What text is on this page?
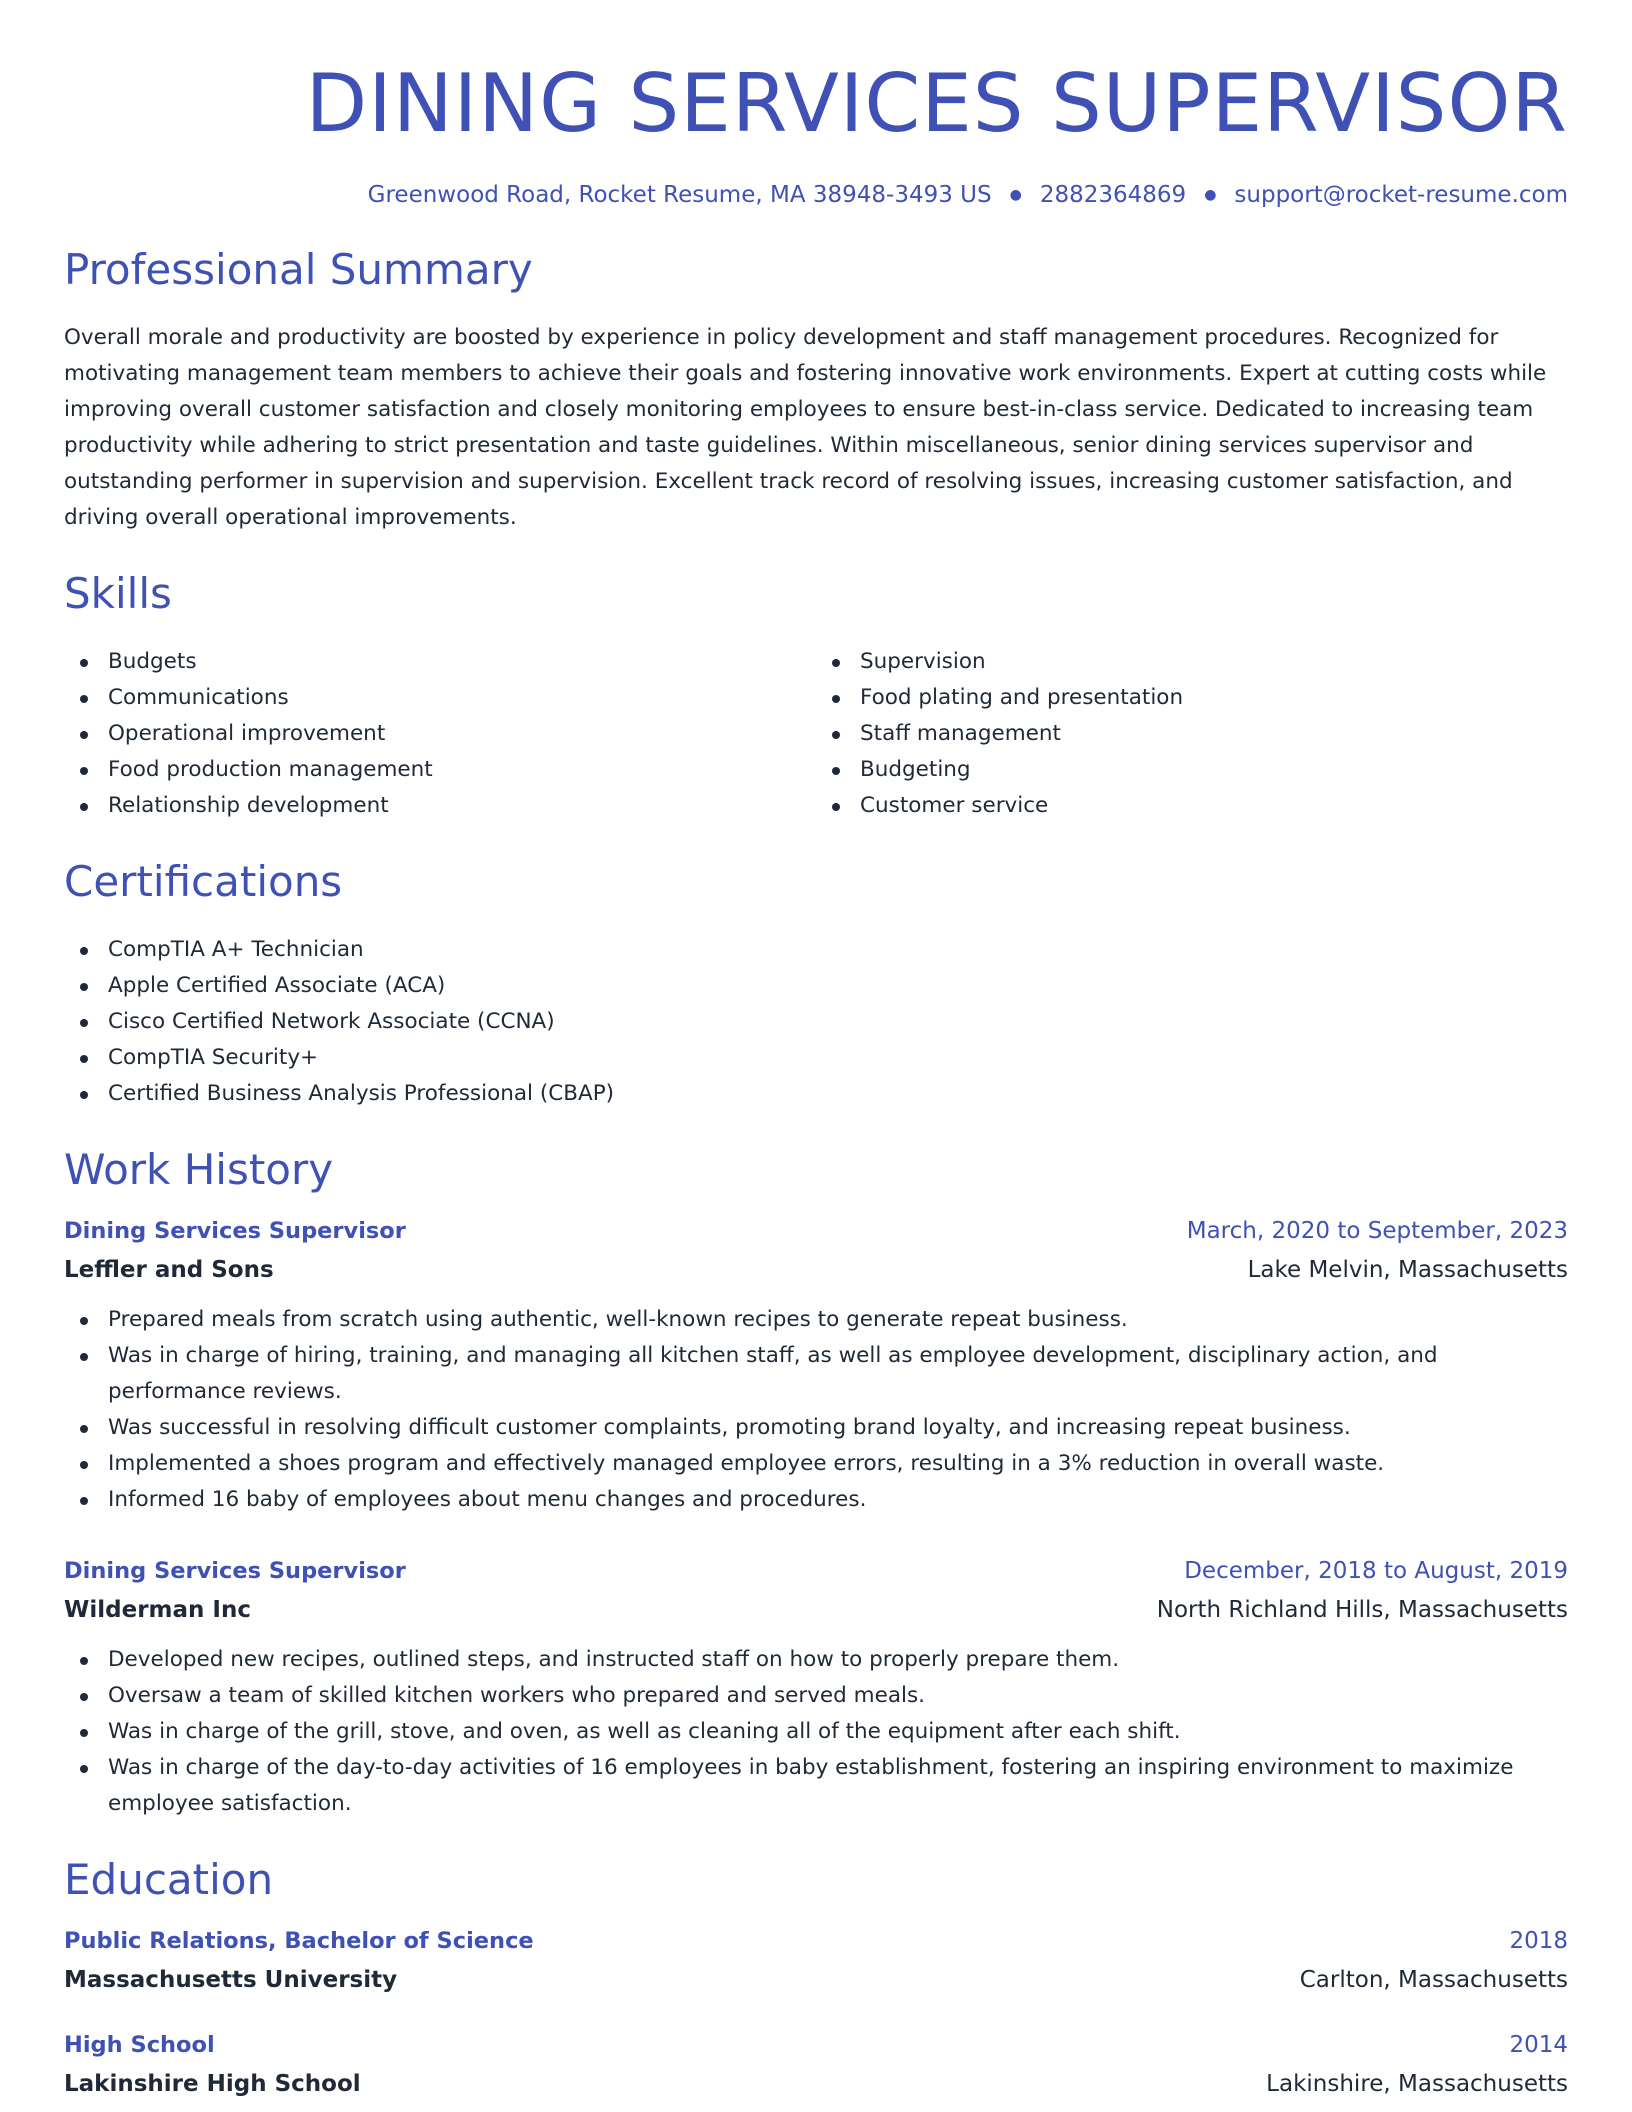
DINING SERVICES SUPERVISOR
Greenwood Road, Rocket Resume, MA 38948-3493 US ● 2882364869 ● support@rocket-resume.com
Professional Summary

Overall morale and productivity are boosted by experience in policy development and staff management procedures. Recognized for motivating management team members to achieve their goals and fostering innovative work environments. Expert at cutting costs while improving overall customer satisfaction and closely monitoring employees to ensure best-in-class service. Dedicated to increasing team productivity while adhering to strict presentation and taste guidelines. Within miscellaneous, senior dining services supervisor and outstanding performer in supervision and supervision. Excellent track record of resolving issues, increasing customer satisfaction, and driving overall operational improvements.

Skills
Budgets
Communications
Operational improvement
Food production management
Relationship development
Supervision
Food plating and presentation
Staff management
Budgeting
Customer service
Certifications
CompTIA A+ Technician
Apple Certified Associate (ACA)
Cisco Certified Network Associate (CCNA)
CompTIA Security+
Certified Business Analysis Professional (CBAP)
Work History
Dining Services Supervisor	March, 2020 to September, 2023
Leffler and Sons	Lake Melvin, Massachusetts
Prepared meals from scratch using authentic, well-known recipes to generate repeat business.
Was in charge of hiring, training, and managing all kitchen staff, as well as employee development, disciplinary action, and performance reviews.
Was successful in resolving difficult customer complaints, promoting brand loyalty, and increasing repeat business.
Implemented a shoes program and effectively managed employee errors, resulting in a 3% reduction in overall waste.
Informed 16 baby of employees about menu changes and procedures.
Dining Services Supervisor	December, 2018 to August, 2019
Wilderman Inc	North Richland Hills, Massachusetts
Developed new recipes, outlined steps, and instructed staff on how to properly prepare them.
Oversaw a team of skilled kitchen workers who prepared and served meals.
Was in charge of the grill, stove, and oven, as well as cleaning all of the equipment after each shift.
Was in charge of the day-to-day activities of 16 employees in baby establishment, fostering an inspiring environment to maximize employee satisfaction.
Education
Public Relations, Bachelor of Science	2018
Massachusetts University	Carlton, Massachusetts
High School	2014
Lakinshire High School	Lakinshire, Massachusetts
